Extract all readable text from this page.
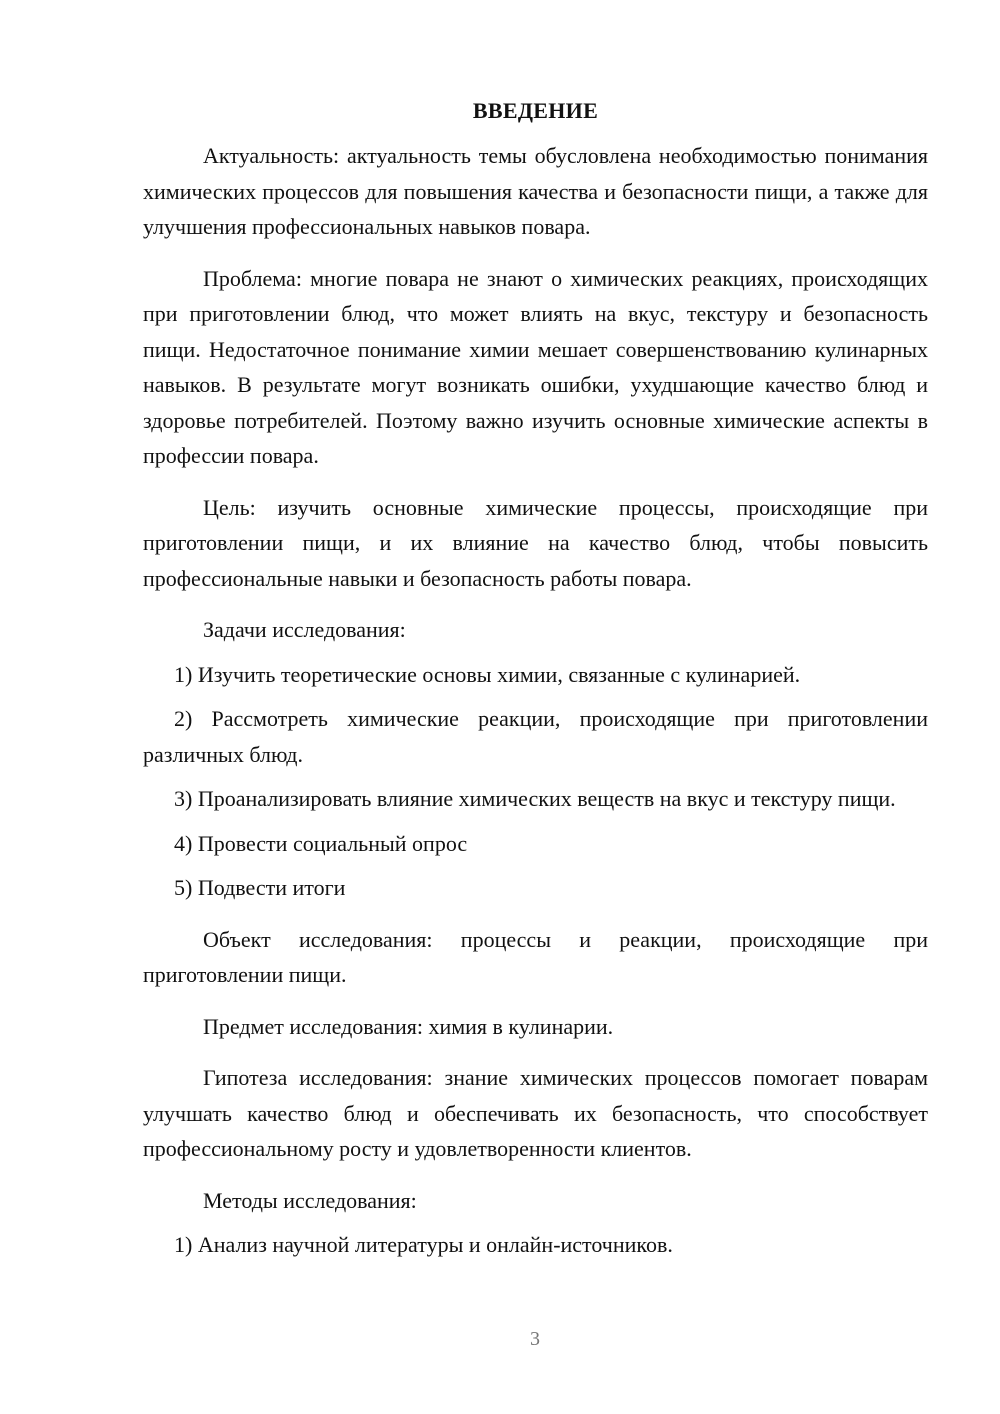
ВВЕДЕНИЕ

Актуальность: актуальность темы обусловлена необходимостью понимания химических процессов для повышения качества и безопасности пищи, а также для улучшения профессиональных навыков повара.

Проблема: многие повара не знают о химических реакциях, происходящих при приготовлении блюд, что может влиять на вкус, текстуру и безопасность пищи. Недостаточное понимание химии мешает совершенствованию кулинарных навыков. В результате могут возникать ошибки, ухудшающие качество блюд и здоровье потребителей. Поэтому важно изучить основные химические аспекты в профессии повара.

Цель: изучить основные химические процессы, происходящие при приготовлении пищи, и их влияние на качество блюд, чтобы повысить профессиональные навыки и безопасность работы повара.

Задачи исследования:

1) Изучить теоретические основы химии, связанные с кулинарией.

2) Рассмотреть химические реакции, происходящие при приготовлении различных блюд.

3) Проанализировать влияние химических веществ на вкус и текстуру пищи.

4) Провести социальный опрос

5) Подвести итоги

Объект исследования: процессы и реакции, происходящие при приготовлении пищи.

Предмет исследования: химия в кулинарии.

Гипотеза исследования: знание химических процессов помогает поварам улучшать качество блюд и обеспечивать их безопасность, что способствует профессиональному росту и удовлетворенности клиентов.

Методы исследования:

1) Анализ научной литературы и онлайн-источников.

3
